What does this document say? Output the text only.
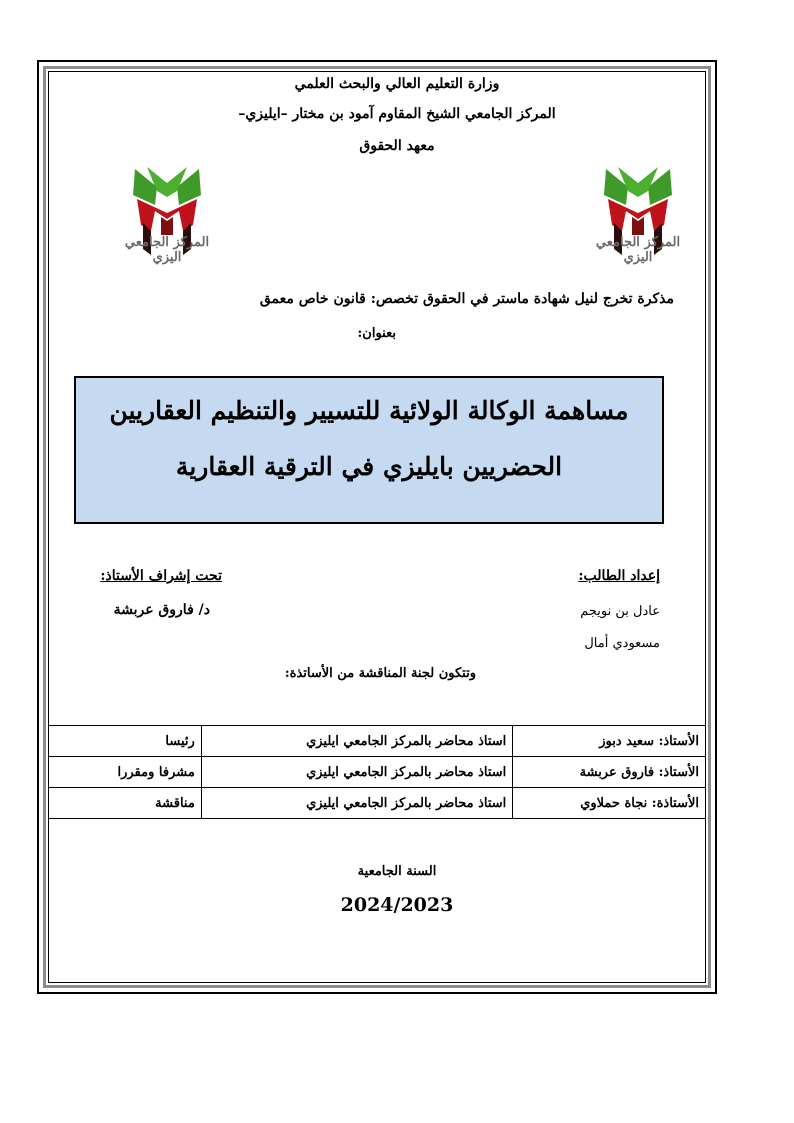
وزارة التعليم العالي والبحث العلمي
المركز الجامعي الشيخ المقاوم آمود بن مختار –ايليزي–
معهد الحقوق
المركز الجامعي اليزي
المركز الجامعي اليزي
مذكرة تخرج لنيل شهادة ماستر في الحقوق تخصص: قانون خاص معمق
بعنوان:
مساهمة الوكالة الولائية للتسيير والتنظيم العقاريين
الحضريين بايليزي في الترقية العقارية
إعداد الطالب:
عادل بن نويجم
مسعودي أمال
تحت إشراف الأستاذ:
د/ فاروق عربشة
وتتكون لجنة المناقشة من الأساتذة:
الأستاذ: سعيد دبوز	استاذ محاضر بالمركز الجامعي ايليزي	رئيسا
الأستاذ: فاروق عربشة	استاذ محاضر بالمركز الجامعي ايليزي	مشرفا ومقررا
الأستاذة: نجاة حملاوي	استاذ محاضر بالمركز الجامعي ايليزي	مناقشة
السنة الجامعية
2024/2023
